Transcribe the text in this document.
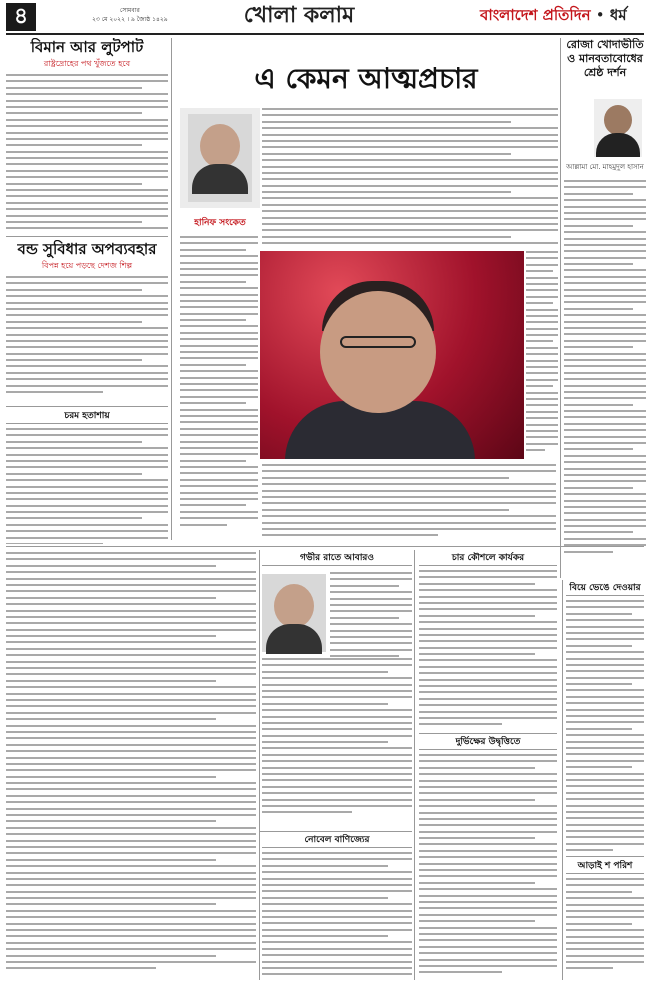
৪	সোমবার
২৩ মে ২০২২ । ৯ জ্যৈষ্ঠ ১৪২৯	খোলা কলাম	বাংলাদেশ প্রতিদিন • ধর্ম
বিমান আর লুটপাট
রাষ্ট্রদ্রোহের পথ খুঁজতে হবে
বন্ড সুবিধার অপব্যবহার
বিপন্ন হয়ে পড়ছে দেশজ শিল্প
চরম হতাশায়
এ কেমন আত্মপ্রচার
হানিফ সংকেত
রোজা খোদাভীতি ও মানবতাবোধের শ্রেষ্ঠ দর্শন
আল্লামা মো. মাহমুদুল হাসান
গভীর রাতে আবারও
নোবেল বাণিজ্যের
চার কৌশলে কার্যকর
দুর্ভিক্ষের উদ্বৃত্তিতে
বিয়ে ভেঙে দেওয়ার
আড়াই শ পরিশ
